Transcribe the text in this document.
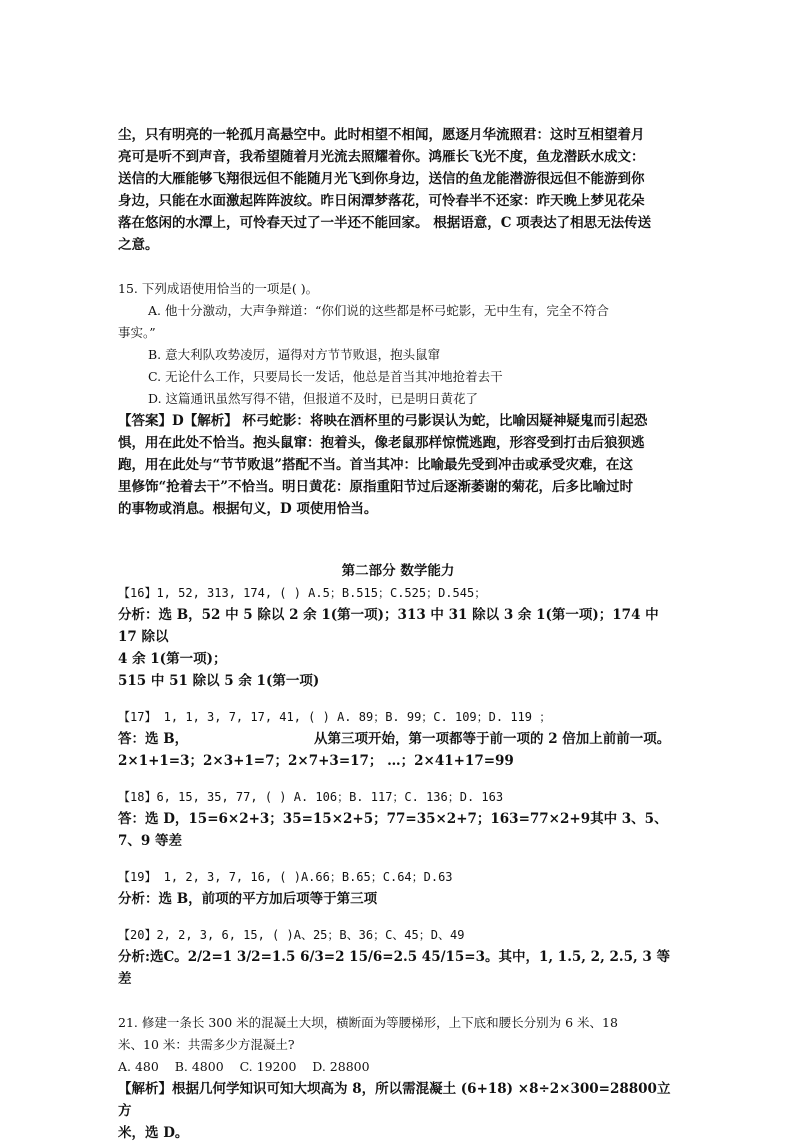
尘，只有明亮的一轮孤月高悬空中。此时相望不相闻，愿逐月华流照君：这时互相望着月

亮可是听不到声音，我希望随着月光流去照耀着你。鸿雁长飞光不度，鱼龙潜跃水成文：

送信的大雁能够飞翔很远但不能随月光飞到你身边，送信的鱼龙能潜游很远但不能游到你

身边，只能在水面激起阵阵波纹。昨日闲潭梦落花，可怜春半不还家：昨天晚上梦见花朵

落在悠闲的水潭上，可怜春天过了一半还不能回家。 根据语意，C 项表达了相思无法传送

之意。

15. 下列成语使用恰当的一项是( )。

A. 他十分激动，大声争辩道：“你们说的这些都是杯弓蛇影，无中生有，完全不符合

事实。”

B. 意大利队攻势凌厉，逼得对方节节败退，抱头鼠窜

C. 无论什么工作，只要局长一发话，他总是首当其冲地抢着去干

D. 这篇通讯虽然写得不错，但报道不及时，已是明日黄花了

【答案】D【解析】 杯弓蛇影：将映在酒杯里的弓影误认为蛇，比喻因疑神疑鬼而引起恐

惧，用在此处不恰当。抱头鼠窜：抱着头，像老鼠那样惊慌逃跑，形容受到打击后狼狈逃

跑，用在此处与“节节败退”搭配不当。首当其冲：比喻最先受到冲击或承受灾难，在这

里修饰“抢着去干”不恰当。明日黄花：原指重阳节过后逐渐萎谢的菊花，后多比喻过时

的事物或消息。根据句义，D 项使用恰当。

第二部分 数学能力

【16】1, 52, 313, 174, ( ) A.5；B.515；C.525；D.545；

分析：选 B，52 中 5 除以 2 余 1(第一项)；313 中 31 除以 3 余 1(第一项)；174 中 17 除以

4 余 1(第一项)；

515 中 51 除以 5 余 1(第一项)

【17】 1, 1, 3, 7, 17, 41, ( ) A. 89；B. 99；C. 109；D. 119 ；

答：选 B，	从第三项开始，第一项都等于前一项的 2 倍加上前前一项。

2×1+1=3；2×3+1=7；2×7+3=17； …；2×41+17=99

【18】6, 15, 35, 77, ( ) A. 106；B. 117；C. 136；D. 163

答：选 D，15=6×2+3；35=15×2+5；77=35×2+7；163=77×2+9其中 3、5、7、9 等差

【19】 1, 2, 3, 7, 16, ( )A.66；B.65；C.64；D.63

分析：选 B，前项的平方加后项等于第三项

【20】2, 2, 3, 6, 15, ( )A、25；B、36；C、45；D、49

分析:选C。2/2=1 3/2=1.5 6/3=2 15/6=2.5 45/15=3。其中，1, 1.5, 2, 2.5, 3 等

差

21. 修建一条长 300 米的混凝土大坝，横断面为等腰梯形，上下底和腰长分别为 6 米、18

米、10 米：共需多少方混凝土?

A. 480    B. 4800    C. 19200    D. 28800

【解析】根据几何学知识可知大坝高为 8，所以需混凝土 (6+18) ×8÷2×300=28800立方

米，选 D。
